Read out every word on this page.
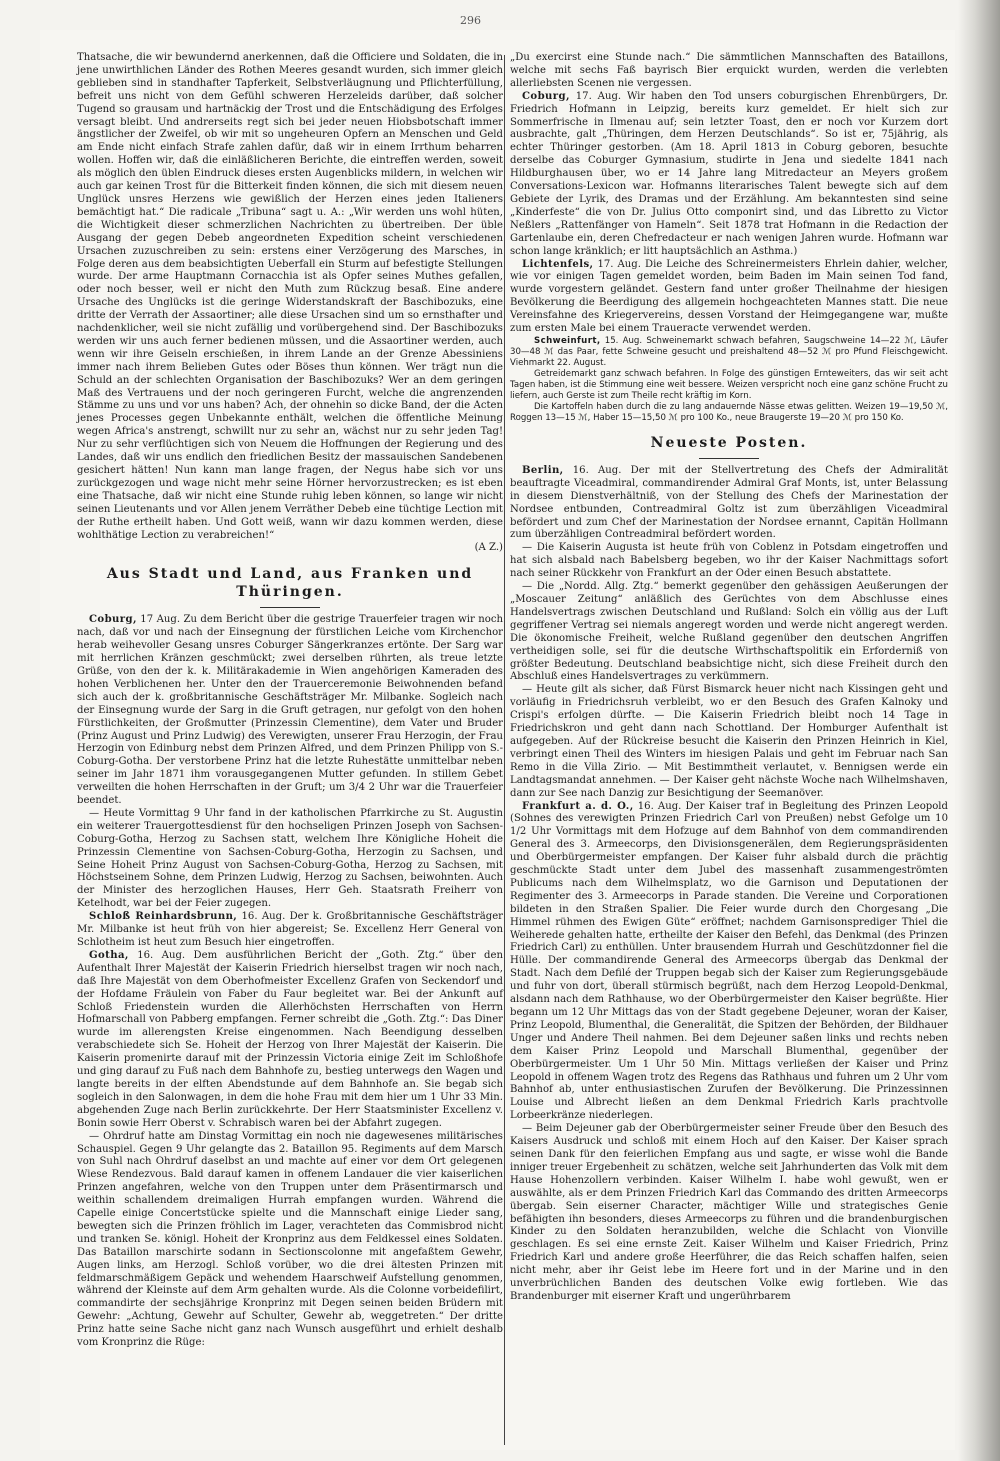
296

Thatsache, die wir bewundernd anerkennen, daß die Officiere und Soldaten, die in jene unwirthlichen Länder des Rothen Meeres gesandt wurden, sich immer gleich geblieben sind in standhafter Tapferkeit, Selbstverläugnung und Pflichterfüllung, befreit uns nicht von dem Gefühl schweren Herzeleids darüber, daß solcher Tugend so grausam und hartnäckig der Trost und die Entschädigung des Erfolges versagt bleibt. Und andrerseits regt sich bei jeder neuen Hiobsbotschaft immer ängstlicher der Zweifel, ob wir mit so ungeheuren Opfern an Menschen und Geld am Ende nicht einfach Strafe zahlen dafür, daß wir in einem Irrthum beharren wollen. Hoffen wir, daß die einläßlicheren Berichte, die eintreffen werden, soweit als möglich den üblen Eindruck dieses ersten Augenblicks mildern, in welchen wir auch gar keinen Trost für die Bitterkeit finden können, die sich mit diesem neuen Unglück unsres Herzens wie gewißlich der Herzen eines jeden Italieners bemächtigt hat.“ Die radicale „Tribuna“ sagt u. A.: „Wir werden uns wohl hüten, die Wichtigkeit dieser schmerzlichen Nachrichten zu übertreiben. Der üble Ausgang der gegen Debeb angeordneten Expedition scheint verschiedenen Ursachen zuzuschreiben zu sein: erstens einer Verzögerung des Marsches, in Folge deren aus dem beabsichtigten Ueberfall ein Sturm auf befestigte Stellungen wurde. Der arme Hauptmann Cornacchia ist als Opfer seines Muthes gefallen, oder noch besser, weil er nicht den Muth zum Rückzug besaß. Eine andere Ursache des Unglücks ist die geringe Widerstandskraft der Baschibozuks, eine dritte der Verrath der Assaortiner; alle diese Ursachen sind um so ernsthafter und nachdenklicher, weil sie nicht zufällig und vorübergehend sind. Der Baschibozuks werden wir uns auch ferner bedienen müssen, und die Assaortiner werden, auch wenn wir ihre Geiseln erschießen, in ihrem Lande an der Grenze Abessiniens immer nach ihrem Belieben Gutes oder Böses thun können. Wer trägt nun die Schuld an der schlechten Organisation der Baschibozuks? Wer an dem geringen Maß des Vertrauens und der noch geringeren Furcht, welche die angrenzenden Stämme zu uns und vor uns haben? Ach, der ohnehin so dicke Band, der die Acten jenes Processes gegen Unbekannte enthält, welchen die öffentliche Meinung wegen Africa's anstrengt, schwillt nur zu sehr an, wächst nur zu sehr jeden Tag! Nur zu sehr verflüchtigen sich von Neuem die Hoffnungen der Regierung und des Landes, daß wir uns endlich den friedlichen Besitz der massauischen Sandebenen gesichert hätten! Nun kann man lange fragen, der Negus habe sich vor uns zurückgezogen und wage nicht mehr seine Hörner hervorzustrecken; es ist eben eine Thatsache, daß wir nicht eine Stunde ruhig leben können, so lange wir nicht seinen Lieutenants und vor Allen jenem Verräther Debeb eine tüchtige Lection mit der Ruthe ertheilt haben. Und Gott weiß, wann wir dazu kommen werden, diese wohlthätige Lection zu verabreichen!“

(A Z.)

Aus Stadt und Land, aus Franken und Thüringen.

Coburg, 17 Aug. Zu dem Bericht über die gestrige Trauerfeier tragen wir noch nach, daß vor und nach der Einsegnung der fürstlichen Leiche vom Kirchenchor herab weihevoller Gesang unsres Coburger Sängerkranzes ertönte. Der Sarg war mit herrlichen Kränzen geschmückt; zwei derselben rührten, als treue letzte Grüße, von den der k. k. Militärakademie in Wien angehörigen Kameraden des hohen Verblichenen her. Unter den der Trauerceremonie Beiwohnenden befand sich auch der k. großbritannische Geschäftsträger Mr. Milbanke. Sogleich nach der Einsegnung wurde der Sarg in die Gruft getragen, nur gefolgt von den hohen Fürstlichkeiten, der Großmutter (Prinzessin Clementine), dem Vater und Bruder (Prinz August und Prinz Ludwig) des Verewigten, unserer Frau Herzogin, der Frau Herzogin von Edinburg nebst dem Prinzen Alfred, und dem Prinzen Philipp von S.-Coburg-Gotha. Der verstorbene Prinz hat die letzte Ruhestätte unmittelbar neben seiner im Jahr 1871 ihm vorausgegangenen Mutter gefunden. In stillem Gebet verweilten die hohen Herrschaften in der Gruft; um 3/4 2 Uhr war die Trauerfeier beendet.

— Heute Vormittag 9 Uhr fand in der katholischen Pfarrkirche zu St. Augustin ein weiterer Trauergottesdienst für den hochseligen Prinzen Joseph von Sachsen-Coburg-Gotha, Herzog zu Sachsen statt, welchem Ihre Königliche Hoheit die Prinzessin Clementine von Sachsen-Coburg-Gotha, Herzogin zu Sachsen, und Seine Hoheit Prinz August von Sachsen-Coburg-Gotha, Herzog zu Sachsen, mit Höchstseinem Sohne, dem Prinzen Ludwig, Herzog zu Sachsen, beiwohnten. Auch der Minister des herzoglichen Hauses, Herr Geh. Staatsrath Freiherr von Ketelhodt, war bei der Feier zugegen.

Schloß Reinhardsbrunn, 16. Aug. Der k. Großbritannische Geschäftsträger Mr. Milbanke ist heut früh von hier abgereist; Se. Excellenz Herr General von Schlotheim ist heut zum Besuch hier eingetroffen.

Gotha, 16. Aug. Dem ausführlichen Bericht der „Goth. Ztg.“ über den Aufenthalt Ihrer Majestät der Kaiserin Friedrich hierselbst tragen wir noch nach, daß Ihre Majestät von dem Oberhofmeister Excellenz Grafen von Seckendorf und der Hofdame Fräulein von Faber du Faur begleitet war. Bei der Ankunft auf Schloß Friedenstein wurden die Allerhöchsten Herrschaften von Herrn Hofmarschall von Pabberg empfangen. Ferner schreibt die „Goth. Ztg.“: Das Diner wurde im allerengsten Kreise eingenommen. Nach Beendigung desselben verabschiedete sich Se. Hoheit der Herzog von Ihrer Majestät der Kaiserin. Die Kaiserin promenirte darauf mit der Prinzessin Victoria einige Zeit im Schloßhofe und ging darauf zu Fuß nach dem Bahnhofe zu, bestieg unterwegs den Wagen und langte bereits in der elften Abendstunde auf dem Bahnhofe an. Sie begab sich sogleich in den Salonwagen, in dem die hohe Frau mit dem hier um 1 Uhr 33 Min. abgehenden Zuge nach Berlin zurückkehrte. Der Herr Staatsminister Excellenz v. Bonin sowie Herr Oberst v. Schrabisch waren bei der Abfahrt zugegen.

— Ohrdruf hatte am Dinstag Vormittag ein noch nie dagewesenes militärisches Schauspiel. Gegen 9 Uhr gelangte das 2. Bataillon 95. Regiments auf dem Marsch von Suhl nach Ohrdruf daselbst an und machte auf einer vor dem Ort gelegenen Wiese Rendezvous. Bald darauf kamen in offenem Landauer die vier kaiserlichen Prinzen angefahren, welche von den Truppen unter dem Präsentirmarsch und weithin schallendem dreimaligen Hurrah empfangen wurden. Während die Capelle einige Concertstücke spielte und die Mannschaft einige Lieder sang, bewegten sich die Prinzen fröhlich im Lager, verachteten das Commisbrod nicht und tranken Se. königl. Hoheit der Kronprinz aus dem Feldkessel eines Soldaten. Das Bataillon marschirte sodann in Sectionscolonne mit angefaßtem Gewehr, Augen links, am Herzogl. Schloß vorüber, wo die drei ältesten Prinzen mit feldmarschmäßigem Gepäck und wehendem Haarschweif Aufstellung genommen, während der Kleinste auf dem Arm gehalten wurde. Als die Colonne vorbeidefilirt, commandirte der sechsjährige Kronprinz mit Degen seinen beiden Brüdern mit Gewehr: „Achtung, Gewehr auf Schulter, Gewehr ab, weggetreten.“ Der dritte Prinz hatte seine Sache nicht ganz nach Wunsch ausgeführt und erhielt deshalb vom Kronprinz die Rüge:

„Du exercirst eine Stunde nach.“ Die sämmtlichen Mannschaften des Bataillons, welche mit sechs Faß bayrisch Bier erquickt wurden, werden die verlebten allerliebsten Scenen nie vergessen.

Coburg, 17. Aug. Wir haben den Tod unsers coburgischen Ehrenbürgers, Dr. Friedrich Hofmann in Leipzig, bereits kurz gemeldet. Er hielt sich zur Sommerfrische in Ilmenau auf; sein letzter Toast, den er noch vor Kurzem dort ausbrachte, galt „Thüringen, dem Herzen Deutschlands“. So ist er, 75jährig, als echter Thüringer gestorben. (Am 18. April 1813 in Coburg geboren, besuchte derselbe das Coburger Gymnasium, studirte in Jena und siedelte 1841 nach Hildburghausen über, wo er 14 Jahre lang Mitredacteur an Meyers großem Conversations-Lexicon war. Hofmanns literarisches Talent bewegte sich auf dem Gebiete der Lyrik, des Dramas und der Erzählung. Am bekanntesten sind seine „Kinderfeste“ die von Dr. Julius Otto componirt sind, und das Libretto zu Victor Neßlers „Rattenfänger von Hameln“. Seit 1878 trat Hofmann in die Redaction der Gartenlaube ein, deren Chefredacteur er nach wenigen Jahren wurde. Hofmann war schon lange kränklich; er litt hauptsächlich an Asthma.)

Lichtenfels, 17. Aug. Die Leiche des Schreinermeisters Ehrlein dahier, welcher, wie vor einigen Tagen gemeldet worden, beim Baden im Main seinen Tod fand, wurde vorgestern geländet. Gestern fand unter großer Theilnahme der hiesigen Bevölkerung die Beerdigung des allgemein hochgeachteten Mannes statt. Die neue Vereinsfahne des Kriegervereins, dessen Vorstand der Heimgegangene war, mußte zum ersten Male bei einem Traueracte verwendet werden.

Schweinfurt, 15. Aug. Schweinemarkt schwach befahren, Saugschweine 14—22 ℳ, Läufer 30—48 ℳ das Paar, fette Schweine gesucht und preishaltend 48—52 ℳ pro Pfund Fleischgewicht. Viehmarkt 22. August.

Getreidemarkt ganz schwach befahren. In Folge des günstigen Ernteweiters, das wir seit acht Tagen haben, ist die Stimmung eine weit bessere. Weizen verspricht noch eine ganz schöne Frucht zu liefern, auch Gerste ist zum Theile recht kräftig im Korn.

Die Kartoffeln haben durch die zu lang andauernde Nässe etwas gelitten. Weizen 19—19,50 ℳ, Roggen 13—15 ℳ, Haber 15—15,50 ℳ pro 100 Ko., neue Braugerste 19—20 ℳ pro 150 Ko.

Neueste Posten.

Berlin, 16. Aug. Der mit der Stellvertretung des Chefs der Admiralität beauftragte Viceadmiral, commandirender Admiral Graf Monts, ist, unter Belassung in diesem Dienstverhältniß, von der Stellung des Chefs der Marinestation der Nordsee entbunden, Contreadmiral Goltz ist zum überzähligen Viceadmiral befördert und zum Chef der Marinestation der Nordsee ernannt, Capitän Hollmann zum überzähligen Contreadmiral befördert worden.

— Die Kaiserin Augusta ist heute früh von Coblenz in Potsdam eingetroffen und hat sich alsbald nach Babelsberg begeben, wo ihr der Kaiser Nachmittags sofort nach seiner Rückkehr von Frankfurt an der Oder einen Besuch abstattete.

— Die „Nordd. Allg. Ztg.“ bemerkt gegenüber den gehässigen Aeußerungen der „Moscauer Zeitung“ anläßlich des Gerüchtes von dem Abschlusse eines Handelsvertrags zwischen Deutschland und Rußland: Solch ein völlig aus der Luft gegriffener Vertrag sei niemals angeregt worden und werde nicht angeregt werden. Die ökonomische Freiheit, welche Rußland gegenüber den deutschen Angriffen vertheidigen solle, sei für die deutsche Wirthschaftspolitik ein Erforderniß von größter Bedeutung. Deutschland beabsichtige nicht, sich diese Freiheit durch den Abschluß eines Handelsvertrages zu verkümmern.

— Heute gilt als sicher, daß Fürst Bismarck heuer nicht nach Kissingen geht und vorläufig in Friedrichsruh verbleibt, wo er den Besuch des Grafen Kalnoky und Crispi's erfolgen dürfte. — Die Kaiserin Friedrich bleibt noch 14 Tage in Friedrichskron und geht dann nach Schottland. Der Homburger Aufenthalt ist aufgegeben. Auf der Rückreise besucht die Kaiserin den Prinzen Heinrich in Kiel, verbringt einen Theil des Winters im hiesigen Palais und geht im Februar nach San Remo in die Villa Zirio. — Mit Bestimmtheit verlautet, v. Bennigsen werde ein Landtagsmandat annehmen. — Der Kaiser geht nächste Woche nach Wilhelmshaven, dann zur See nach Danzig zur Besichtigung der Seemanöver.

Frankfurt a. d. O., 16. Aug. Der Kaiser traf in Begleitung des Prinzen Leopold (Sohnes des verewigten Prinzen Friedrich Carl von Preußen) nebst Gefolge um 10 1/2 Uhr Vormittags mit dem Hofzuge auf dem Bahnhof von dem commandirenden General des 3. Armeecorps, den Divisionsgenerälen, dem Regierungspräsidenten und Oberbürgermeister empfangen. Der Kaiser fuhr alsbald durch die prächtig geschmückte Stadt unter dem Jubel des massenhaft zusammengeströmten Publicums nach dem Wilhelmsplatz, wo die Garnison und Deputationen der Regimenter des 3. Armeecorps in Parade standen. Die Vereine und Corporationen bildeten in den Straßen Spalier. Die Feier wurde durch den Chorgesang „Die Himmel rühmen des Ewigen Güte“ eröffnet; nachdem Garnisonsprediger Thiel die Weiherede gehalten hatte, ertheilte der Kaiser den Befehl, das Denkmal (des Prinzen Friedrich Carl) zu enthüllen. Unter brausendem Hurrah und Geschützdonner fiel die Hülle. Der commandirende General des Armeecorps übergab das Denkmal der Stadt. Nach dem Defilé der Truppen begab sich der Kaiser zum Regierungsgebäude und fuhr von dort, überall stürmisch begrüßt, nach dem Herzog Leopold-Denkmal, alsdann nach dem Rathhause, wo der Oberbürgermeister den Kaiser begrüßte. Hier begann um 12 Uhr Mittags das von der Stadt gegebene Dejeuner, woran der Kaiser, Prinz Leopold, Blumenthal, die Generalität, die Spitzen der Behörden, der Bildhauer Unger und Andere Theil nahmen. Bei dem Dejeuner saßen links und rechts neben dem Kaiser Prinz Leopold und Marschall Blumenthal, gegenüber der Oberbürgermeister. Um 1 Uhr 50 Min. Mittags verließen der Kaiser und Prinz Leopold in offenem Wagen trotz des Regens das Rathhaus und fuhren um 2 Uhr vom Bahnhof ab, unter enthusiastischen Zurufen der Bevölkerung. Die Prinzessinnen Louise und Albrecht ließen an dem Denkmal Friedrich Karls prachtvolle Lorbeerkränze niederlegen.

— Beim Dejeuner gab der Oberbürgermeister seiner Freude über den Besuch des Kaisers Ausdruck und schloß mit einem Hoch auf den Kaiser. Der Kaiser sprach seinen Dank für den feierlichen Empfang aus und sagte, er wisse wohl die Bande inniger treuer Ergebenheit zu schätzen, welche seit Jahrhunderten das Volk mit dem Hause Hohenzollern verbinden. Kaiser Wilhelm I. habe wohl gewußt, wen er auswählte, als er dem Prinzen Friedrich Karl das Commando des dritten Armeecorps übergab. Sein eiserner Character, mächtiger Wille und strategisches Genie befähigten ihn besonders, dieses Armeecorps zu führen und die brandenburgischen Kinder zu den Soldaten heranzubilden, welche die Schlacht von Vionville geschlagen. Es sei eine ernste Zeit. Kaiser Wilhelm und Kaiser Friedrich, Prinz Friedrich Karl und andere große Heerführer, die das Reich schaffen halfen, seien nicht mehr, aber ihr Geist lebe im Heere fort und in der Marine und in den unverbrüchlichen Banden des deutschen Volke ewig fortleben. Wie das Brandenburger mit eiserner Kraft und ungerührbarem
